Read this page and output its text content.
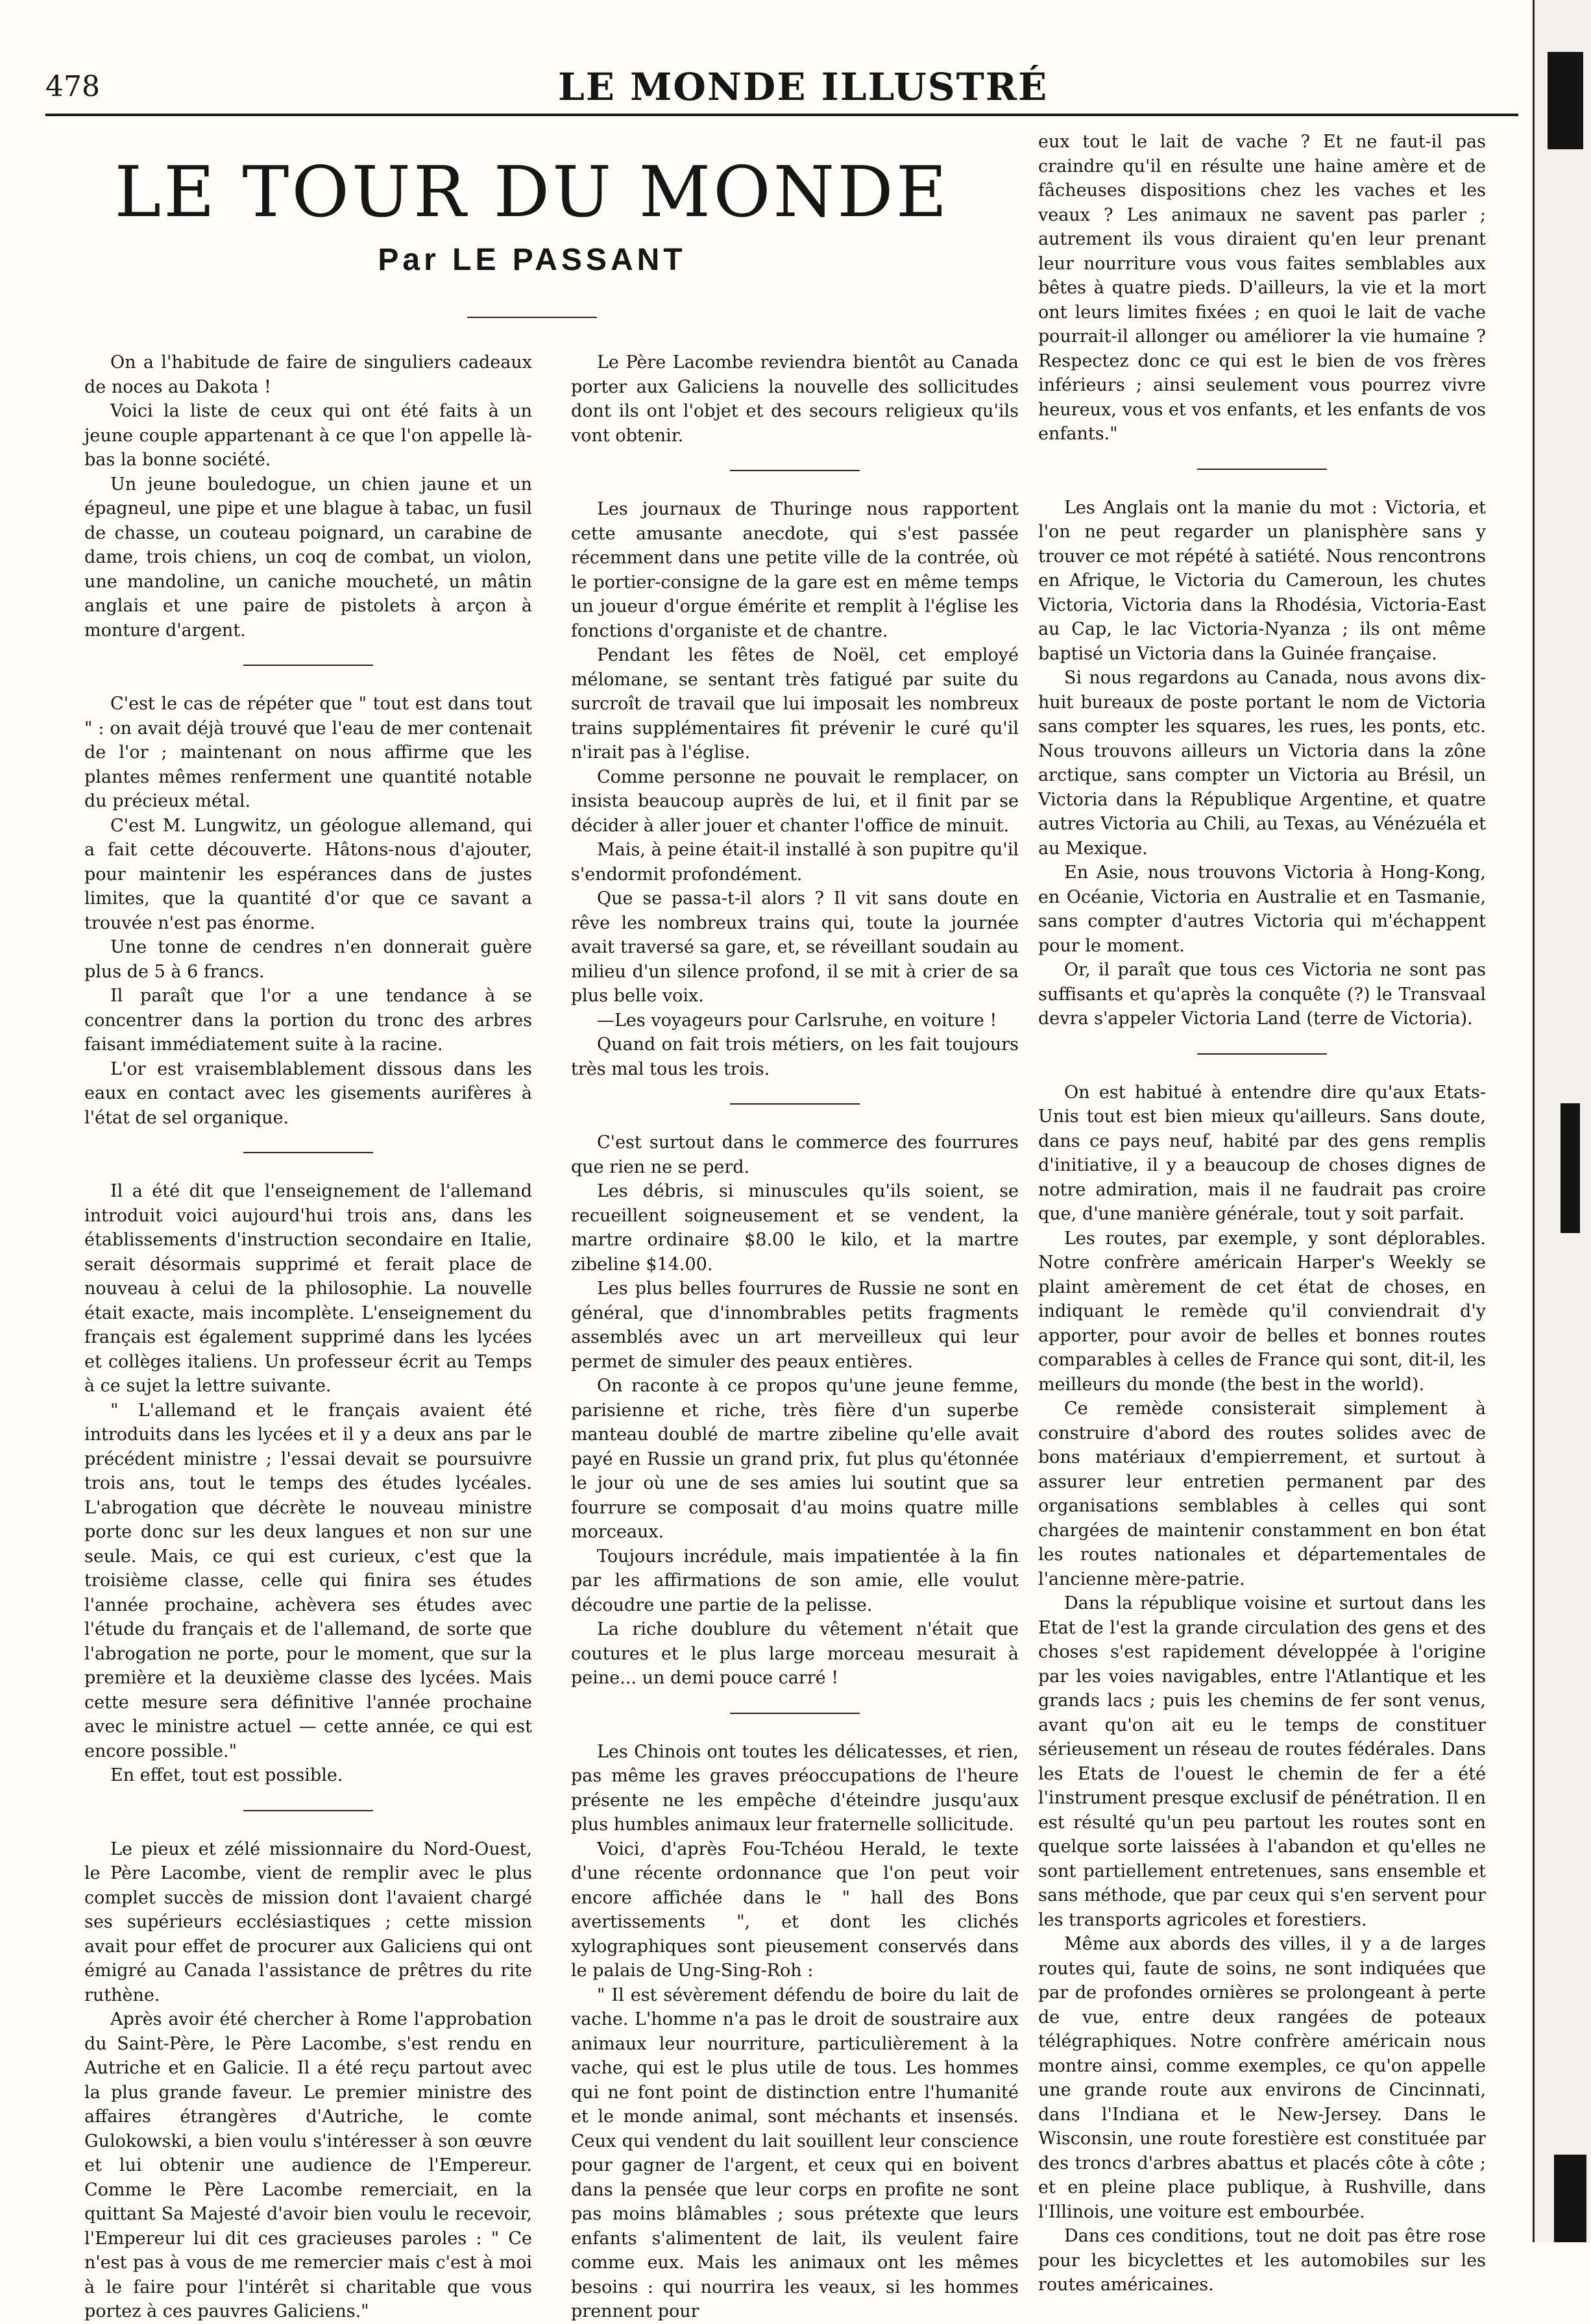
478	LE MONDE ILLUSTRÉ
LE TOUR DU MONDE
Par LE PASSANT

On a l'habitude de faire de singuliers cadeaux de noces au Dakota !

Voici la liste de ceux qui ont été faits à un jeune couple appartenant à ce que l'on appelle là-bas la bonne société.

Un jeune bouledogue, un chien jaune et un épagneul, une pipe et une blague à tabac, un fusil de chasse, un couteau poignard, un carabine de dame, trois chiens, un coq de combat, un violon, une mandoline, un caniche moucheté, un mâtin anglais et une paire de pistolets à arçon à monture d'argent.

C'est le cas de répéter que " tout est dans tout " : on avait déjà trouvé que l'eau de mer contenait de l'or ; maintenant on nous affirme que les plantes mêmes renferment une quantité notable du précieux métal.

C'est M. Lungwitz, un géologue allemand, qui a fait cette découverte. Hâtons-nous d'ajouter, pour maintenir les espérances dans de justes limites, que la quantité d'or que ce savant a trouvée n'est pas énorme.

Une tonne de cendres n'en donnerait guère plus de 5 à 6 francs.

Il paraît que l'or a une tendance à se concentrer dans la portion du tronc des arbres faisant immédiatement suite à la racine.

L'or est vraisemblablement dissous dans les eaux en contact avec les gisements aurifères à l'état de sel organique.

Il a été dit que l'enseignement de l'allemand introduit voici aujourd'hui trois ans, dans les établissements d'instruction secondaire en Italie, serait désormais supprimé et ferait place de nouveau à celui de la philosophie. La nouvelle était exacte, mais incomplète. L'enseignement du français est également supprimé dans les lycées et collèges italiens. Un professeur écrit au Temps à ce sujet la lettre suivante.

" L'allemand et le français avaient été introduits dans les lycées et il y a deux ans par le précédent ministre ; l'essai devait se poursuivre trois ans, tout le temps des études lycéales. L'abrogation que décrète le nouveau ministre porte donc sur les deux langues et non sur une seule. Mais, ce qui est curieux, c'est que la troisième classe, celle qui finira ses études l'année prochaine, achèvera ses études avec l'étude du français et de l'allemand, de sorte que l'abrogation ne porte, pour le moment, que sur la première et la deuxième classe des lycées. Mais cette mesure sera définitive l'année prochaine avec le ministre actuel — cette année, ce qui est encore possible."

En effet, tout est possible.

Le pieux et zélé missionnaire du Nord-Ouest, le Père Lacombe, vient de remplir avec le plus complet succès de mission dont l'avaient chargé ses supérieurs ecclésiastiques ; cette mission avait pour effet de procurer aux Galiciens qui ont émigré au Canada l'assistance de prêtres du rite ruthène.

Après avoir été chercher à Rome l'approbation du Saint-Père, le Père Lacombe, s'est rendu en Autriche et en Galicie. Il a été reçu partout avec la plus grande faveur. Le premier ministre des affaires étrangères d'Autriche, le comte Gulokowski, a bien voulu s'intéresser à son œuvre et lui obtenir une audience de l'Empereur. Comme le Père Lacombe remerciait, en la quittant Sa Majesté d'avoir bien voulu le recevoir, l'Empereur lui dit ces gracieuses paroles : " Ce n'est pas à vous de me remercier mais c'est à moi à le faire pour l'intérêt si charitable que vous portez à ces pauvres Galiciens."

Le Père Lacombe reviendra bientôt au Canada porter aux Galiciens la nouvelle des sollicitudes dont ils ont l'objet et des secours religieux qu'ils vont obtenir.

Les journaux de Thuringe nous rapportent cette amusante anecdote, qui s'est passée récemment dans une petite ville de la contrée, où le portier-consigne de la gare est en même temps un joueur d'orgue émérite et remplit à l'église les fonctions d'organiste et de chantre.

Pendant les fêtes de Noël, cet employé mélomane, se sentant très fatigué par suite du surcroît de travail que lui imposait les nombreux trains supplémentaires fit prévenir le curé qu'il n'irait pas à l'église.

Comme personne ne pouvait le remplacer, on insista beaucoup auprès de lui, et il finit par se décider à aller jouer et chanter l'office de minuit.

Mais, à peine était-il installé à son pupitre qu'il s'endormit profondément.

Que se passa-t-il alors ? Il vit sans doute en rêve les nombreux trains qui, toute la journée avait traversé sa gare, et, se réveillant soudain au milieu d'un silence profond, il se mit à crier de sa plus belle voix.

—Les voyageurs pour Carlsruhe, en voiture !

Quand on fait trois métiers, on les fait toujours très mal tous les trois.

C'est surtout dans le commerce des fourrures que rien ne se perd.

Les débris, si minuscules qu'ils soient, se recueillent soigneusement et se vendent, la martre ordinaire $8.00 le kilo, et la martre zibeline $14.00.

Les plus belles fourrures de Russie ne sont en général, que d'innombrables petits fragments assemblés avec un art merveilleux qui leur permet de simuler des peaux entières.

On raconte à ce propos qu'une jeune femme, parisienne et riche, très fière d'un superbe manteau doublé de martre zibeline qu'elle avait payé en Russie un grand prix, fut plus qu'étonnée le jour où une de ses amies lui soutint que sa fourrure se composait d'au moins quatre mille morceaux.

Toujours incrédule, mais impatientée à la fin par les affirmations de son amie, elle voulut découdre une partie de la pelisse.

La riche doublure du vêtement n'était que coutures et le plus large morceau mesurait à peine... un demi pouce carré !

Les Chinois ont toutes les délicatesses, et rien, pas même les graves préoccupations de l'heure présente ne les empêche d'éteindre jusqu'aux plus humbles animaux leur fraternelle sollicitude.

Voici, d'après Fou-Tchéou Herald, le texte d'une récente ordonnance que l'on peut voir encore affichée dans le " hall des Bons avertissements ", et dont les clichés xylographiques sont pieusement conservés dans le palais de Ung-Sing-Roh :

" Il est sévèrement défendu de boire du lait de vache. L'homme n'a pas le droit de soustraire aux animaux leur nourriture, particulièrement à la vache, qui est le plus utile de tous. Les hommes qui ne font point de distinction entre l'humanité et le monde animal, sont méchants et insensés. Ceux qui vendent du lait souillent leur conscience pour gagner de l'argent, et ceux qui en boivent dans la pensée que leur corps en profite ne sont pas moins blâmables ; sous prétexte que leurs enfants s'alimentent de lait, ils veulent faire comme eux. Mais les animaux ont les mêmes besoins : qui nourrira les veaux, si les hommes prennent pour

eux tout le lait de vache ? Et ne faut-il pas craindre qu'il en résulte une haine amère et de fâcheuses dispositions chez les vaches et les veaux ? Les animaux ne savent pas parler ; autrement ils vous diraient qu'en leur prenant leur nourriture vous vous faites semblables aux bêtes à quatre pieds. D'ailleurs, la vie et la mort ont leurs limites fixées ; en quoi le lait de vache pourrait-il allonger ou améliorer la vie humaine ? Respectez donc ce qui est le bien de vos frères inférieurs ; ainsi seulement vous pourrez vivre heureux, vous et vos enfants, et les enfants de vos enfants."

Les Anglais ont la manie du mot : Victoria, et l'on ne peut regarder un planisphère sans y trouver ce mot répété à satiété. Nous rencontrons en Afrique, le Victoria du Cameroun, les chutes Victoria, Victoria dans la Rhodésia, Victoria-East au Cap, le lac Victoria-Nyanza ; ils ont même baptisé un Victoria dans la Guinée française.

Si nous regardons au Canada, nous avons dix-huit bureaux de poste portant le nom de Victoria sans compter les squares, les rues, les ponts, etc. Nous trouvons ailleurs un Victoria dans la zône arctique, sans compter un Victoria au Brésil, un Victoria dans la République Argentine, et quatre autres Victoria au Chili, au Texas, au Vénézuéla et au Mexique.

En Asie, nous trouvons Victoria à Hong-Kong, en Océanie, Victoria en Australie et en Tasmanie, sans compter d'autres Victoria qui m'échappent pour le moment.

Or, il paraît que tous ces Victoria ne sont pas suffisants et qu'après la conquête (?) le Transvaal devra s'appeler Victoria Land (terre de Victoria).

On est habitué à entendre dire qu'aux Etats-Unis tout est bien mieux qu'ailleurs. Sans doute, dans ce pays neuf, habité par des gens remplis d'initiative, il y a beaucoup de choses dignes de notre admiration, mais il ne faudrait pas croire que, d'une manière générale, tout y soit parfait.

Les routes, par exemple, y sont déplorables. Notre confrère américain Harper's Weekly se plaint amèrement de cet état de choses, en indiquant le remède qu'il conviendrait d'y apporter, pour avoir de belles et bonnes routes comparables à celles de France qui sont, dit-il, les meilleurs du monde (the best in the world).

Ce remède consisterait simplement à construire d'abord des routes solides avec de bons matériaux d'empierrement, et surtout à assurer leur entretien permanent par des organisations semblables à celles qui sont chargées de maintenir constamment en bon état les routes nationales et départementales de l'ancienne mère-patrie.

Dans la république voisine et surtout dans les Etat de l'est la grande circulation des gens et des choses s'est rapidement développée à l'origine par les voies navigables, entre l'Atlantique et les grands lacs ; puis les chemins de fer sont venus, avant qu'on ait eu le temps de constituer sérieusement un réseau de routes fédérales. Dans les Etats de l'ouest le chemin de fer a été l'instrument presque exclusif de pénétration. Il en est résulté qu'un peu partout les routes sont en quelque sorte laissées à l'abandon et qu'elles ne sont partiellement entretenues, sans ensemble et sans méthode, que par ceux qui s'en servent pour les transports agricoles et forestiers.

Même aux abords des villes, il y a de larges routes qui, faute de soins, ne sont indiquées que par de profondes ornières se prolongeant à perte de vue, entre deux rangées de poteaux télégraphiques. Notre confrère américain nous montre ainsi, comme exemples, ce qu'on appelle une grande route aux environs de Cincinnati, dans l'Indiana et le New-Jersey. Dans le Wisconsin, une route forestière est constituée par des troncs d'arbres abattus et placés côte à côte ; et en pleine place publique, à Rushville, dans l'Illinois, une voiture est embourbée.

Dans ces conditions, tout ne doit pas être rose pour les bicyclettes et les automobiles sur les routes américaines.
